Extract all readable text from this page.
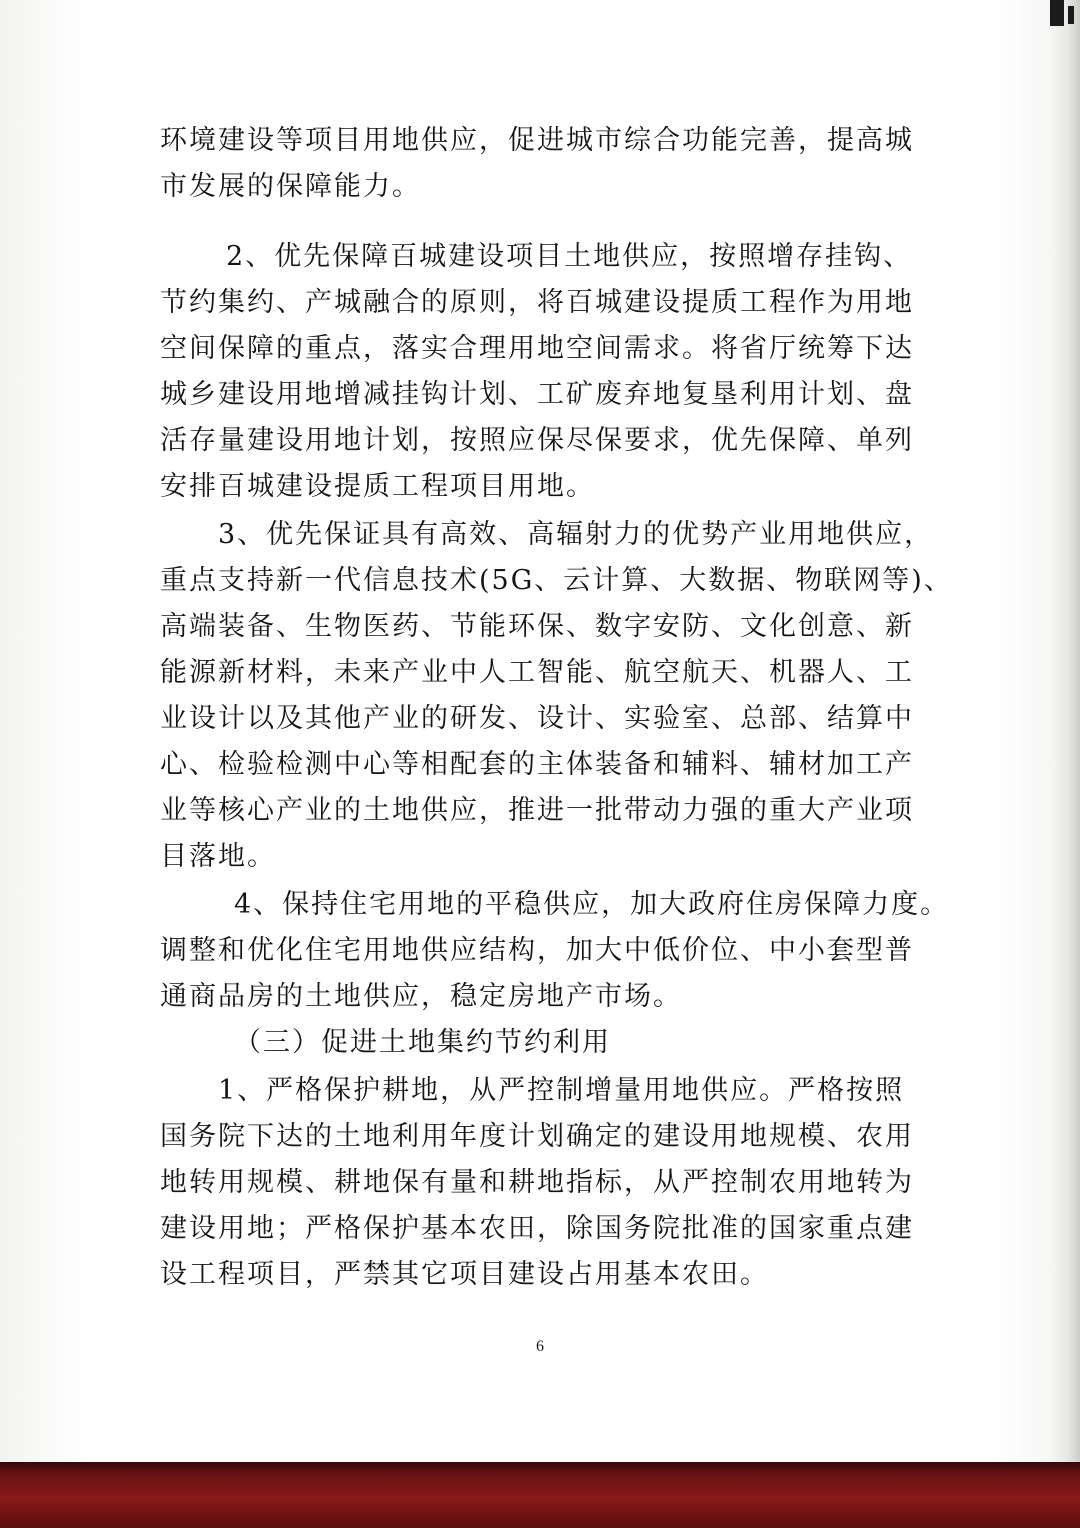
环境建设等项目用地供应，促进城市综合功能完善，提高城
市发展的保障能力。
2、优先保障百城建设项目土地供应，按照增存挂钩、
节约集约、产城融合的原则，将百城建设提质工程作为用地
空间保障的重点，落实合理用地空间需求。将省厅统筹下达
城乡建设用地增减挂钩计划、工矿废弃地复垦利用计划、盘
活存量建设用地计划，按照应保尽保要求，优先保障、单列
安排百城建设提质工程项目用地。
3、优先保证具有高效、高辐射力的优势产业用地供应，
重点支持新一代信息技术(5G、云计算、大数据、物联网等)、
高端装备、生物医药、节能环保、数字安防、文化创意、新
能源新材料，未来产业中人工智能、航空航天、机器人、工
业设计以及其他产业的研发、设计、实验室、总部、结算中
心、检验检测中心等相配套的主体装备和辅料、辅材加工产
业等核心产业的土地供应，推进一批带动力强的重大产业项
目落地。
4、保持住宅用地的平稳供应，加大政府住房保障力度。
调整和优化住宅用地供应结构，加大中低价位、中小套型普
通商品房的土地供应，稳定房地产市场。
（三）促进土地集约节约利用
1、严格保护耕地，从严控制增量用地供应。严格按照
国务院下达的土地利用年度计划确定的建设用地规模、农用
地转用规模、耕地保有量和耕地指标，从严控制农用地转为
建设用地；严格保护基本农田，除国务院批准的国家重点建
设工程项目，严禁其它项目建设占用基本农田。
6
